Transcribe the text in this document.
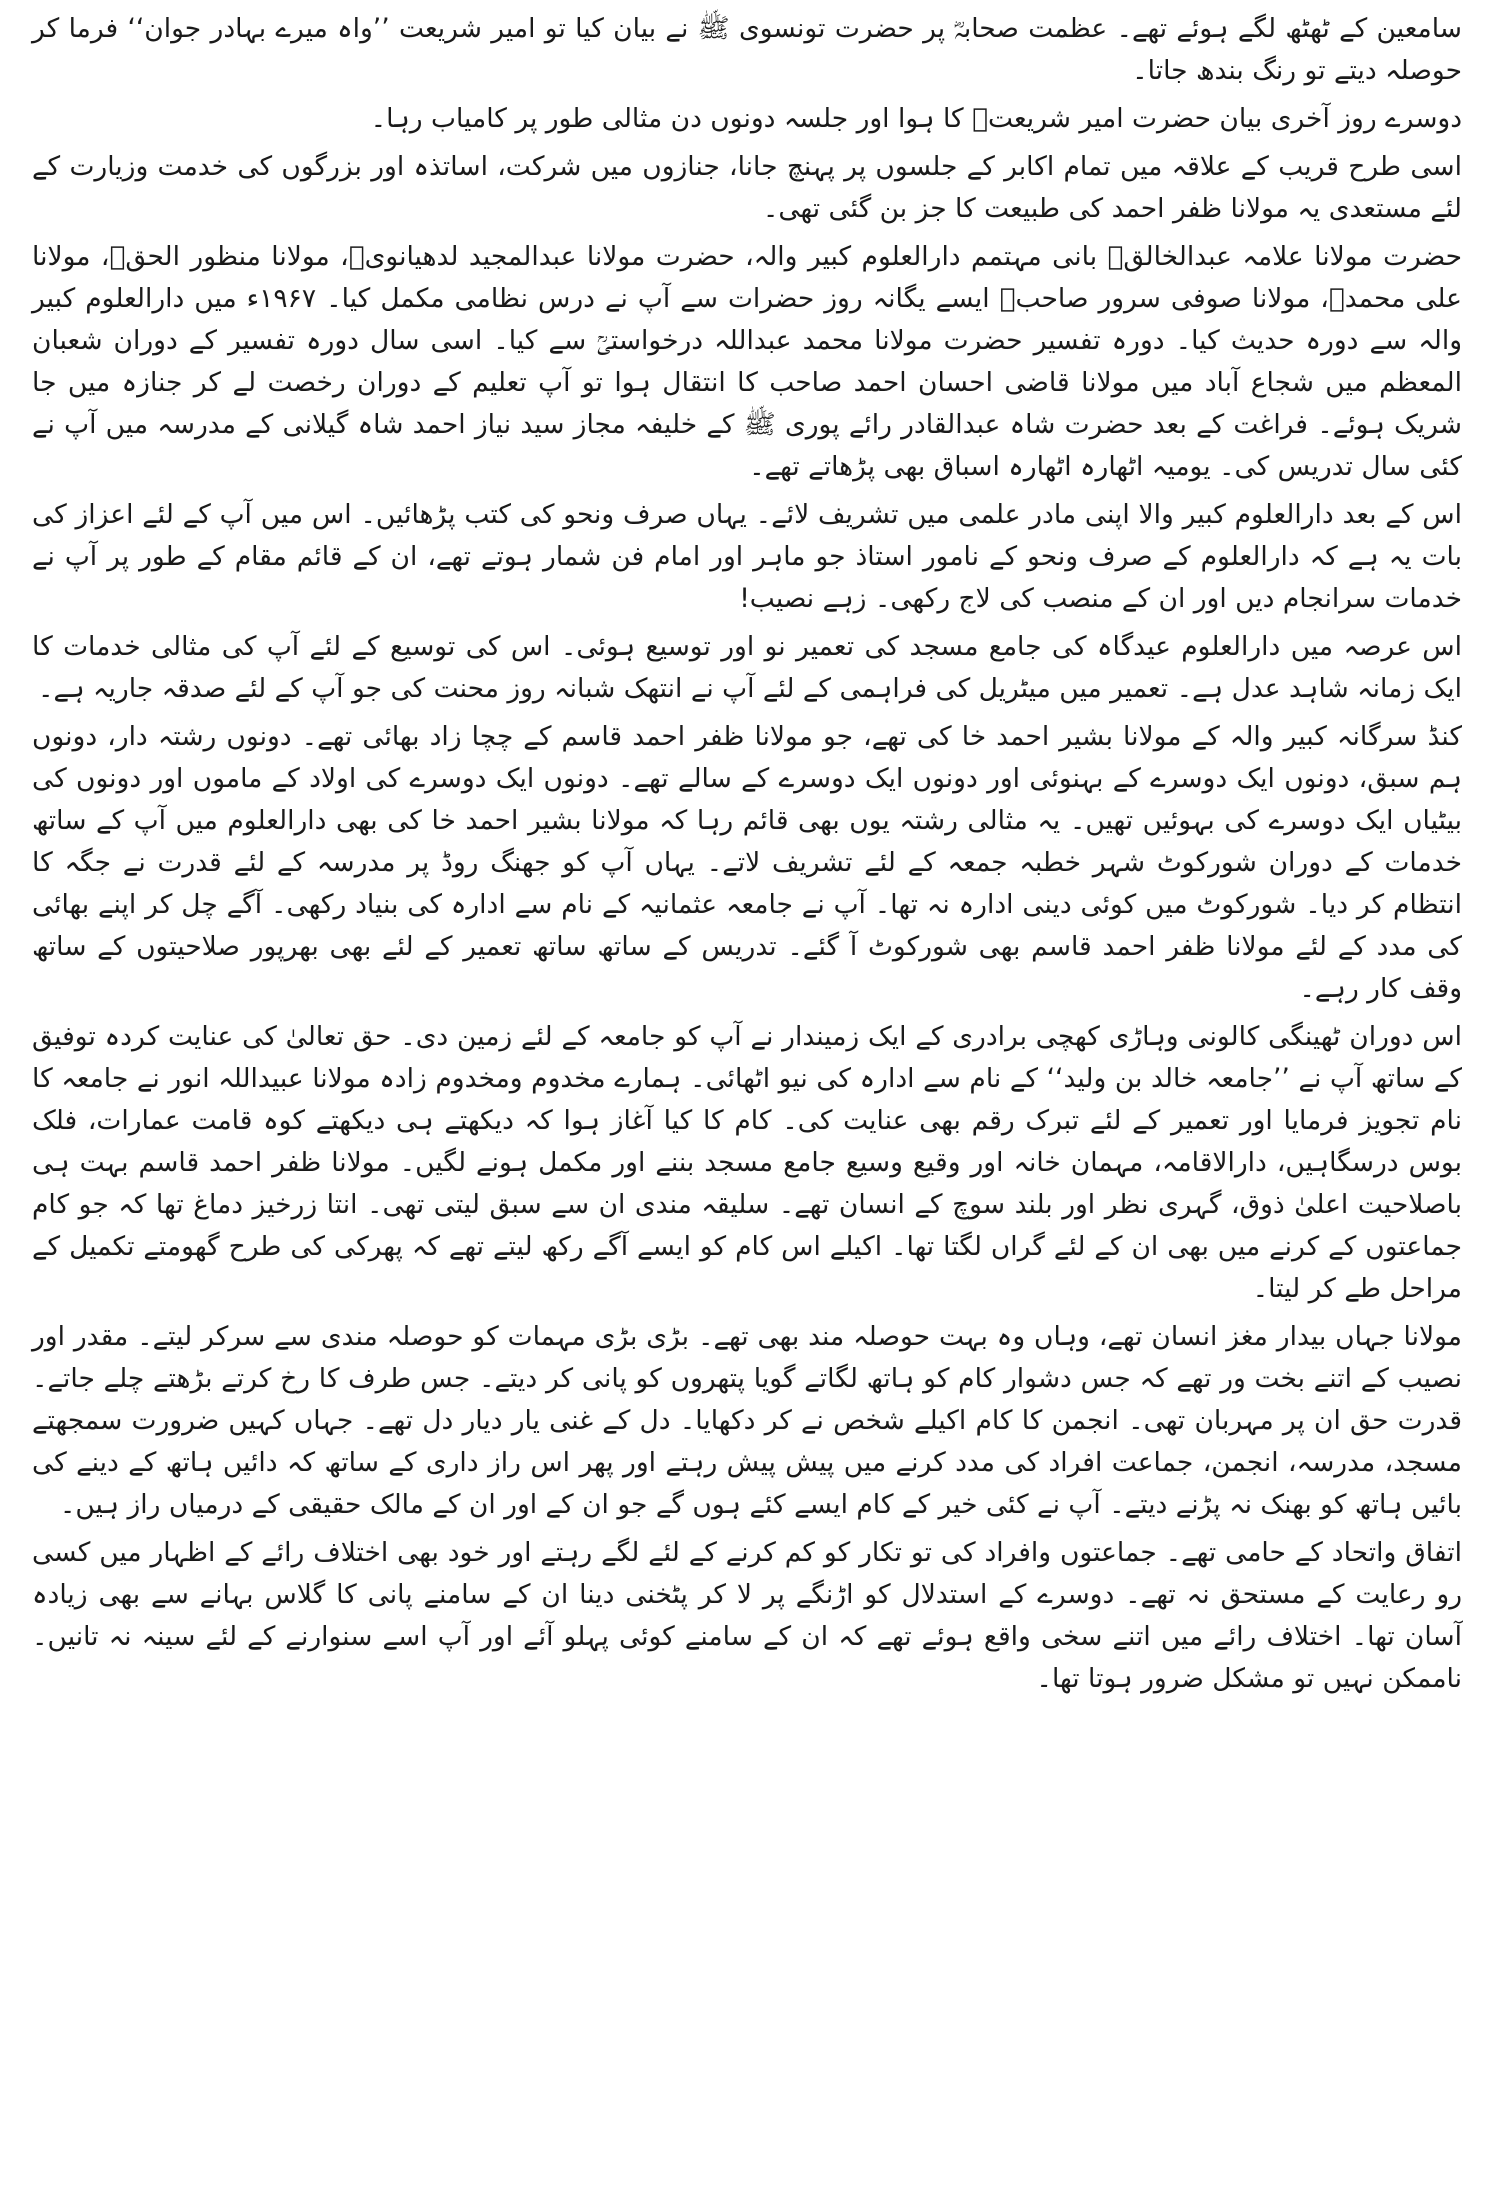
سامعین کے ٹھٹھ لگے ہوئے تھے۔ عظمت صحابہؓ پر حضرت تونسوی ﷺ نے بیان کیا تو امیر شریعت ’’واہ میرے بہادر جوان‘‘ فرما کر حوصلہ دیتے تو رنگ بندھ جاتا۔

دوسرے روز آخری بیان حضرت امیر شریعتؒ کا ہوا اور جلسہ دونوں دن مثالی طور پر کامیاب رہا۔

اسی طرح قریب کے علاقہ میں تمام اکابر کے جلسوں پر پہنچ جانا، جنازوں میں شرکت، اساتذہ اور بزرگوں کی خدمت وزیارت کے لئے مستعدی یہ مولانا ظفر احمد کی طبیعت کا جز بن گئی تھی۔

حضرت مولانا علامہ عبدالخالقؒ بانی مہتمم دارالعلوم کبیر والہ، حضرت مولانا عبدالمجید لدھیانویؒ، مولانا منظور الحقؒ، مولانا علی محمدؒ، مولانا صوفی سرور صاحبؒ ایسے یگانہ روز حضرات سے آپ نے درس نظامی مکمل کیا۔ ۱۹۶۷ء میں دارالعلوم کبیر والہ سے دورہ حدیث کیا۔ دورہ تفسیر حضرت مولانا محمد عبداللہ درخواستیؒ سے کیا۔ اسی سال دورہ تفسیر کے دوران شعبان المعظم میں شجاع آباد میں مولانا قاضی احسان احمد صاحب کا انتقال ہوا تو آپ تعلیم کے دوران رخصت لے کر جنازہ میں جا شریک ہوئے۔ فراغت کے بعد حضرت شاہ عبدالقادر رائے پوری ﷺ کے خلیفہ مجاز سید نیاز احمد شاہ گیلانی کے مدرسہ میں آپ نے کئی سال تدریس کی۔ یومیہ اٹھارہ اٹھارہ اسباق بھی پڑھاتے تھے۔

اس کے بعد دارالعلوم کبیر والا اپنی مادر علمی میں تشریف لائے۔ یہاں صرف ونحو کی کتب پڑھائیں۔ اس میں آپ کے لئے اعزاز کی بات یہ ہے کہ دارالعلوم کے صرف ونحو کے نامور استاذ جو ماہر اور امام فن شمار ہوتے تھے، ان کے قائم مقام کے طور پر آپ نے خدمات سرانجام دیں اور ان کے منصب کی لاج رکھی۔ زہے نصیب!

اس عرصہ میں دارالعلوم عیدگاہ کی جامع مسجد کی تعمیر نو اور توسیع ہوئی۔ اس کی توسیع کے لئے آپ کی مثالی خدمات کا ایک زمانہ شاہد عدل ہے۔ تعمیر میں میٹریل کی فراہمی کے لئے آپ نے انتھک شبانہ روز محنت کی جو آپ کے لئے صدقہ جاریہ ہے۔

کنڈ سرگانہ کبیر والہ کے مولانا بشیر احمد خا کی تھے، جو مولانا ظفر احمد قاسم کے چچا زاد بھائی تھے۔ دونوں رشتہ دار، دونوں ہم سبق، دونوں ایک دوسرے کے بہنوئی اور دونوں ایک دوسرے کے سالے تھے۔ دونوں ایک دوسرے کی اولاد کے ماموں اور دونوں کی بیٹیاں ایک دوسرے کی بہوئیں تھیں۔ یہ مثالی رشتہ یوں بھی قائم رہا کہ مولانا بشیر احمد خا کی بھی دارالعلوم میں آپ کے ساتھ خدمات کے دوران شورکوٹ شہر خطبہ جمعہ کے لئے تشریف لاتے۔ یہاں آپ کو جھنگ روڈ پر مدرسہ کے لئے قدرت نے جگہ کا انتظام کر دیا۔ شورکوٹ میں کوئی دینی ادارہ نہ تھا۔ آپ نے جامعہ عثمانیہ کے نام سے ادارہ کی بنیاد رکھی۔ آگے چل کر اپنے بھائی کی مدد کے لئے مولانا ظفر احمد قاسم بھی شورکوٹ آ گئے۔ تدریس کے ساتھ ساتھ تعمیر کے لئے بھی بھرپور صلاحیتوں کے ساتھ وقف کار رہے۔

اس دوران ٹھینگی کالونی وہاڑی کھچی برادری کے ایک زمیندار نے آپ کو جامعہ کے لئے زمین دی۔ حق تعالیٰ کی عنایت کردہ توفیق کے ساتھ آپ نے ’’جامعہ خالد بن ولید‘‘ کے نام سے ادارہ کی نیو اٹھائی۔ ہمارے مخدوم ومخدوم زادہ مولانا عبیداللہ انور نے جامعہ کا نام تجویز فرمایا اور تعمیر کے لئے تبرک رقم بھی عنایت کی۔ کام کا کیا آغاز ہوا کہ دیکھتے ہی دیکھتے کوہ قامت عمارات، فلک بوس درسگاہیں، دارالاقامہ، مہمان خانہ اور وقیع وسیع جامع مسجد بننے اور مکمل ہونے لگیں۔ مولانا ظفر احمد قاسم بہت ہی باصلاحیت اعلیٰ ذوق، گہری نظر اور بلند سوچ کے انسان تھے۔ سلیقہ مندی ان سے سبق لیتی تھی۔ انتا زرخیز دماغ تھا کہ جو کام جماعتوں کے کرنے میں بھی ان کے لئے گراں لگتا تھا۔ اکیلے اس کام کو ایسے آگے رکھ لیتے تھے کہ پھرکی کی طرح گھومتے تکمیل کے مراحل طے کر لیتا۔

مولانا جہاں بیدار مغز انسان تھے، وہاں وہ بہت حوصلہ مند بھی تھے۔ بڑی بڑی مہمات کو حوصلہ مندی سے سرکر لیتے۔ مقدر اور نصیب کے اتنے بخت ور تھے کہ جس دشوار کام کو ہاتھ لگاتے گویا پتھروں کو پانی کر دیتے۔ جس طرف کا رخ کرتے بڑھتے چلے جاتے۔ قدرت حق ان پر مہربان تھی۔ انجمن کا کام اکیلے شخص نے کر دکھایا۔ دل کے غنی یار دیار دل تھے۔ جہاں کہیں ضرورت سمجھتے مسجد، مدرسہ، انجمن، جماعت افراد کی مدد کرنے میں پیش پیش رہتے اور پھر اس راز داری کے ساتھ کہ دائیں ہاتھ کے دینے کی بائیں ہاتھ کو بھنک نہ پڑنے دیتے۔ آپ نے کئی خیر کے کام ایسے کئے ہوں گے جو ان کے اور ان کے مالک حقیقی کے درمیاں راز ہیں۔

اتفاق واتحاد کے حامی تھے۔ جماعتوں وافراد کی تو تکار کو کم کرنے کے لئے لگے رہتے اور خود بھی اختلاف رائے کے اظہار میں کسی رو رعایت کے مستحق نہ تھے۔ دوسرے کے استدلال کو اڑنگے پر لا کر پٹخنی دینا ان کے سامنے پانی کا گلاس بہانے سے بھی زیادہ آسان تھا۔ اختلاف رائے میں اتنے سخی واقع ہوئے تھے کہ ان کے سامنے کوئی پہلو آئے اور آپ اسے سنوارنے کے لئے سینہ نہ تانیں۔ ناممکن نہیں تو مشکل ضرور ہوتا تھا۔
